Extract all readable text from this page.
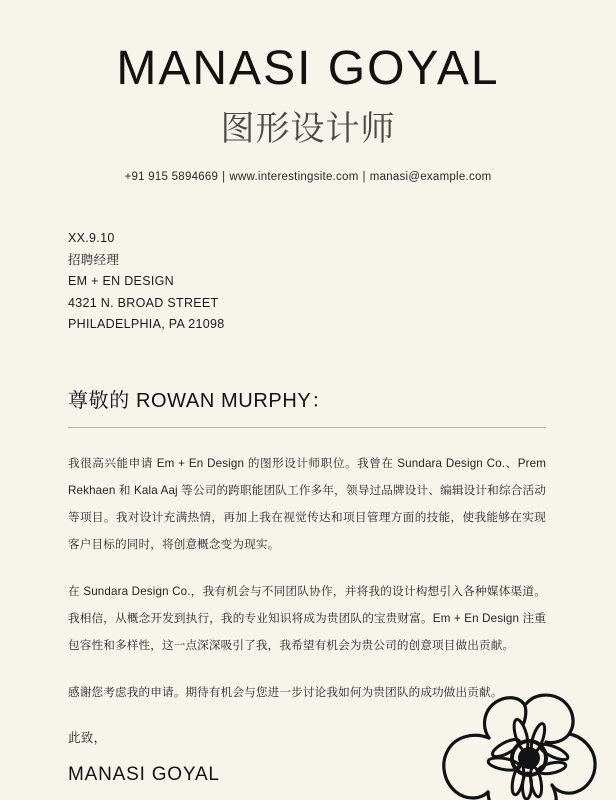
MANASI GOYAL
图形设计师
+91 915 5894669 | www.interestingsite.com | manasi@example.com
XX.9.10
招聘经理
EM + EN DESIGN
4321 N. BROAD STREET
PHILADELPHIA, PA 21098
尊敬的 ROWAN MURPHY：

我很高兴能申请 Em + En Design 的图形设计师职位。我曾在 Sundara Design Co.、Prem Rekhaen 和 Kala Aaj 等公司的跨职能团队工作多年，领导过品牌设计、编辑设计和综合活动等项目。我对设计充满热情，再加上我在视觉传达和项目管理方面的技能，使我能够在实现客户目标的同时，将创意概念变为现实。

在 Sundara Design Co.，我有机会与不同团队协作，并将我的设计构想引入各种媒体渠道。我相信，从概念开发到执行，我的专业知识将成为贵团队的宝贵财富。Em + En Design 注重包容性和多样性，这一点深深吸引了我，我希望有机会为贵公司的创意项目做出贡献。

感谢您考虑我的申请。期待有机会与您进一步讨论我如何为贵团队的成功做出贡献。

此致，
MANASI GOYAL
